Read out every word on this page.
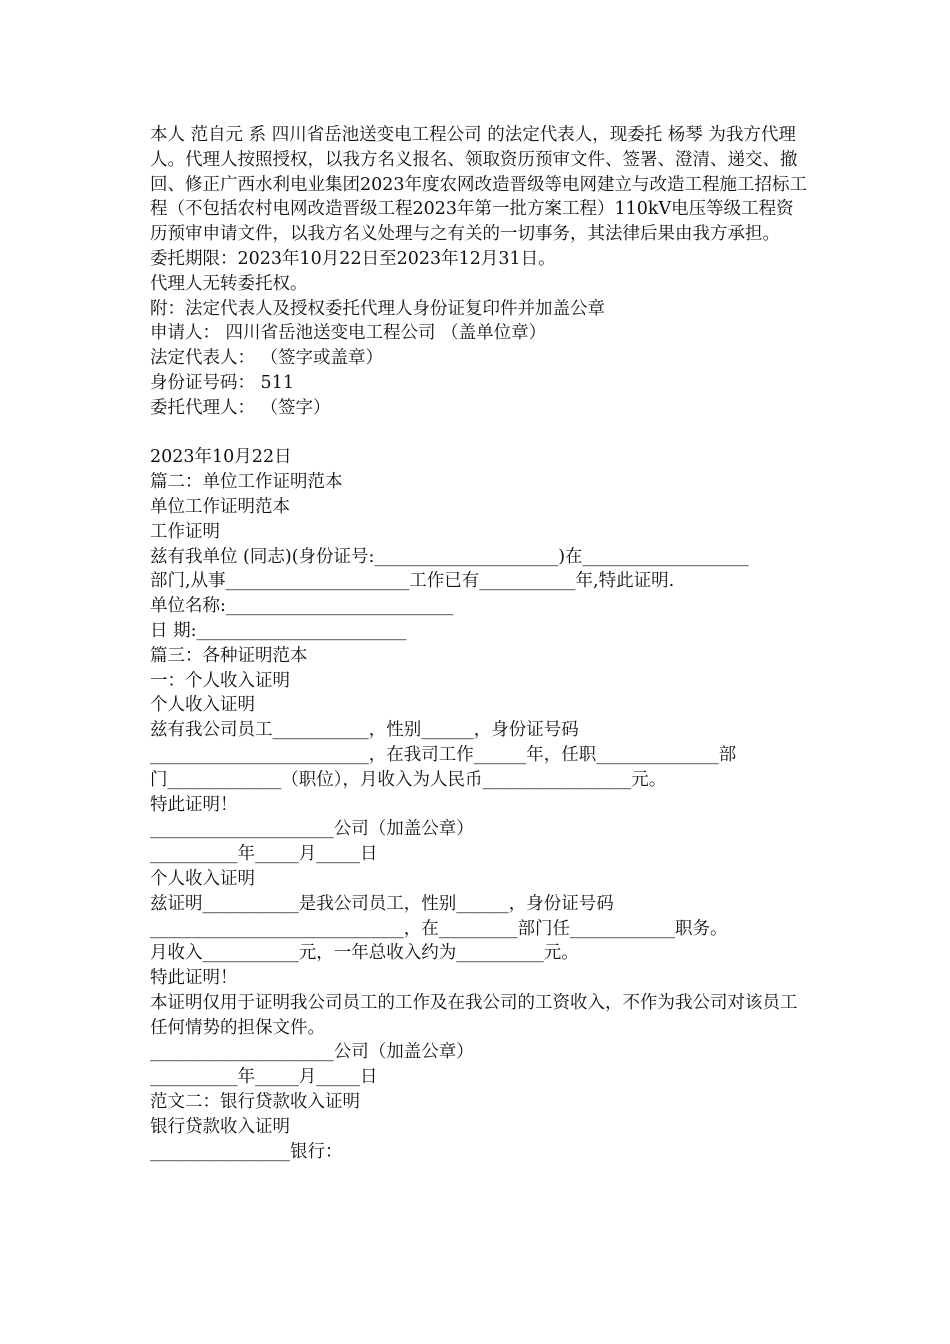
本人 范自元 系 四川省岳池送变电工程公司 的法定代表人，现委托 杨琴 为我方代理人。代理人按照授权，以我方名义报名、领取资历预审文件、签署、澄清、递交、撤回、修正广西水利电业集团2023年度农网改造晋级等电网建立与改造工程施工招标工程（不包括农村电网改造晋级工程2023年第一批方案工程）110kV电压等级工程资历预审申请文件，以我方名义处理与之有关的一切事务，其法律后果由我方承担。
委托期限：2023年10月22日至2023年12月31日。
代理人无转委托权。
附：法定代表人及授权委托代理人身份证复印件并加盖公章
申请人： 四川省岳池送变电工程公司 （盖单位章）
法定代表人： （签字或盖章）
身份证号码： 511
委托代理人： （签字）
2023年10月22日
篇二：单位工作证明范本
单位工作证明范本
工作证明
兹有我单位 (同志)(身份证号:_____________________)在___________________
部门,从事_____________________工作已有___________年,特此证明.
单位名称:__________________________
日 期:________________________
篇三：各种证明范本
一：个人收入证明
个人收入证明
兹有我公司员工___________，性别______，身份证号码
_________________________，在我司工作______年，任职______________部
门_____________（职位），月收入为人民币_________________元。
特此证明！
_____________________公司（加盖公章）
__________年_____月_____日
个人收入证明
兹证明___________是我公司员工，性别______，身份证号码
_____________________________，在_________部门任____________职务。
月收入___________元，一年总收入约为__________元。
特此证明！
本证明仅用于证明我公司员工的工作及在我公司的工资收入，不作为我公司对该员工任何情势的担保文件。
_____________________公司（加盖公章）
__________年_____月_____日
范文二：银行贷款收入证明
银行贷款收入证明
________________银行：
